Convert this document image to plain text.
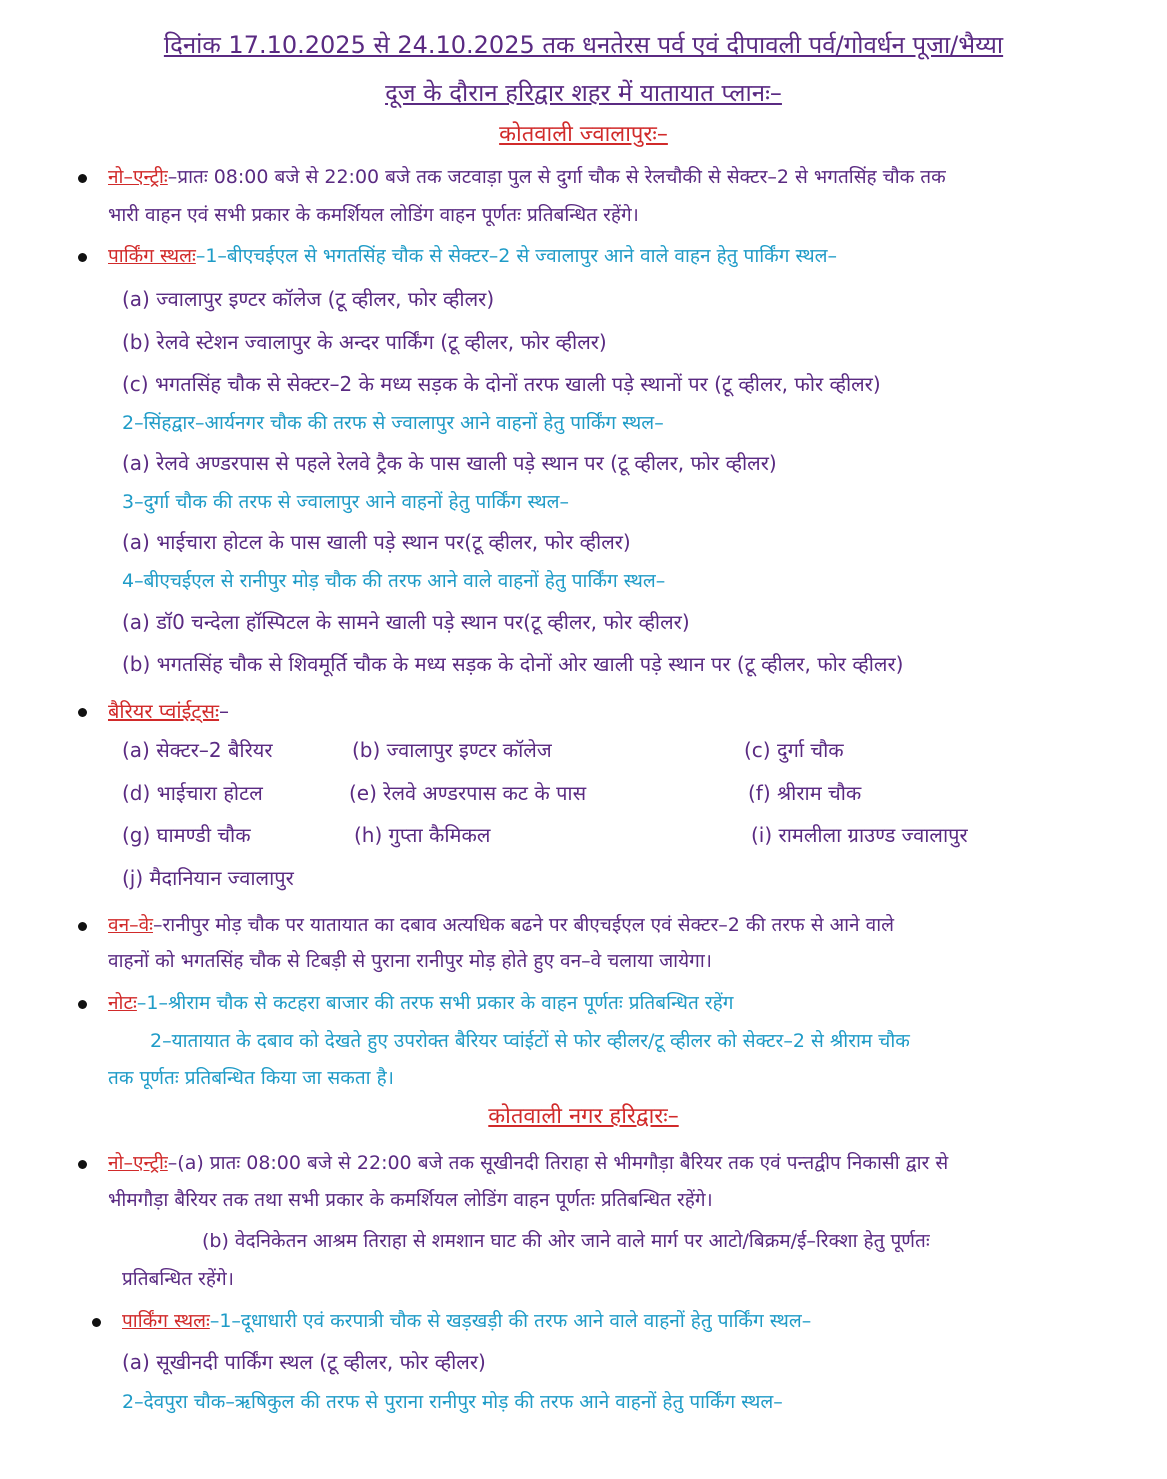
दिनांक 17.10.2025 से 24.10.2025 तक धनतेरस पर्व एवं दीपावली पर्व/गोवर्धन पूजा/भैय्या
दूज के दौरान हरिद्वार शहर में यातायात प्लानः–
कोतवाली ज्वालापुरः–
नो–एन्ट्रीः–प्रातः 08:00 बजे से 22:00 बजे तक जटवाड़ा पुल से दुर्गा चौक से रेलचौकी से सेक्टर–2 से भगतसिंह चौक तक
भारी वाहन एवं सभी प्रकार के कमर्शियल लोडिंग वाहन पूर्णतः प्रतिबन्धित रहेंगे।
पार्किंग स्थलः–1–बीएचईएल से भगतसिंह चौक से सेक्टर–2 से ज्वालापुर आने वाले वाहन हेतु पार्किंग स्थल–
(a) ज्वालापुर इण्टर कॉलेज (टू व्हीलर, फोर व्हीलर)
(b) रेलवे स्टेशन ज्वालापुर के अन्दर पार्किंग (टू व्हीलर, फोर व्हीलर)
(c) भगतसिंह चौक से सेक्टर–2 के मध्य सड़क के दोनों तरफ खाली पड़े स्थानों पर (टू व्हीलर, फोर व्हीलर)
2–सिंहद्वार–आर्यनगर चौक की तरफ से ज्वालापुर आने वाहनों हेतु पार्किंग स्थल–
(a) रेलवे अण्डरपास से पहले रेलवे ट्रैक के पास खाली पड़े स्थान पर (टू व्हीलर, फोर व्हीलर)
3–दुर्गा चौक की तरफ से ज्वालापुर आने वाहनों हेतु पार्किंग स्थल–
(a) भाईचारा होटल के पास खाली पड़े स्थान पर(टू व्हीलर, फोर व्हीलर)
4–बीएचईएल से रानीपुर मोड़ चौक की तरफ आने वाले वाहनों हेतु पार्किंग स्थल–
(a) डॉ0 चन्देला हॉस्पिटल के सामने खाली पड़े स्थान पर(टू व्हीलर, फोर व्हीलर)
(b) भगतसिंह चौक से शिवमूर्ति चौक के मध्य सड़क के दोनों ओर खाली पड़े स्थान पर (टू व्हीलर, फोर व्हीलर)
बैरियर प्वांईट्सः–
(a) सेक्टर–2 बैरियर	(b) ज्वालापुर इण्टर कॉलेज	(c) दुर्गा चौक
(d) भाईचारा होटल	(e) रेलवे अण्डरपास कट के पास	(f) श्रीराम चौक
(g) घामण्डी चौक	(h) गुप्ता कैमिकल	(i) रामलीला ग्राउण्ड ज्वालापुर
(j) मैदानियान ज्वालापुर
वन–वेः–रानीपुर मोड़ चौक पर यातायात का दबाव अत्यधिक बढने पर बीएचईएल एवं सेक्टर–2 की तरफ से आने वाले
वाहनों को भगतसिंह चौक से टिबड़ी से पुराना रानीपुर मोड़ होते हुए वन–वे चलाया जायेगा।
नोटः–1–श्रीराम चौक से कटहरा बाजार की तरफ सभी प्रकार के वाहन पूर्णतः प्रतिबन्धित रहेंग
2–यातायात के दबाव को देखते हुए उपरोक्त बैरियर प्वांईटों से फोर व्हीलर/टू व्हीलर को सेक्टर–2 से श्रीराम चौक
तक पूर्णतः प्रतिबन्धित किया जा सकता है।
कोतवाली नगर हरिद्वारः–
नो–एन्ट्रीः–(a) प्रातः 08:00 बजे से 22:00 बजे तक सूखीनदी तिराहा से भीमगौड़ा बैरियर तक एवं पन्तद्वीप निकासी द्वार से
भीमगौड़ा बैरियर तक तथा सभी प्रकार के कमर्शियल लोडिंग वाहन पूर्णतः प्रतिबन्धित रहेंगे।
(b) वेदनिकेतन आश्रम तिराहा से शमशान घाट की ओर जाने वाले मार्ग पर आटो/बिक्रम/ई–रिक्शा हेतु पूर्णतः
प्रतिबन्धित रहेंगे।
पार्किंग स्थलः–1–दूधाधारी एवं करपात्री चौक से खड़खड़ी की तरफ आने वाले वाहनों हेतु पार्किंग स्थल–
(a) सूखीनदी पार्किंग स्थल (टू व्हीलर, फोर व्हीलर)
2–देवपुरा चौक–ऋषिकुल की तरफ से पुराना रानीपुर मोड़ की तरफ आने वाहनों हेतु पार्किंग स्थल–
